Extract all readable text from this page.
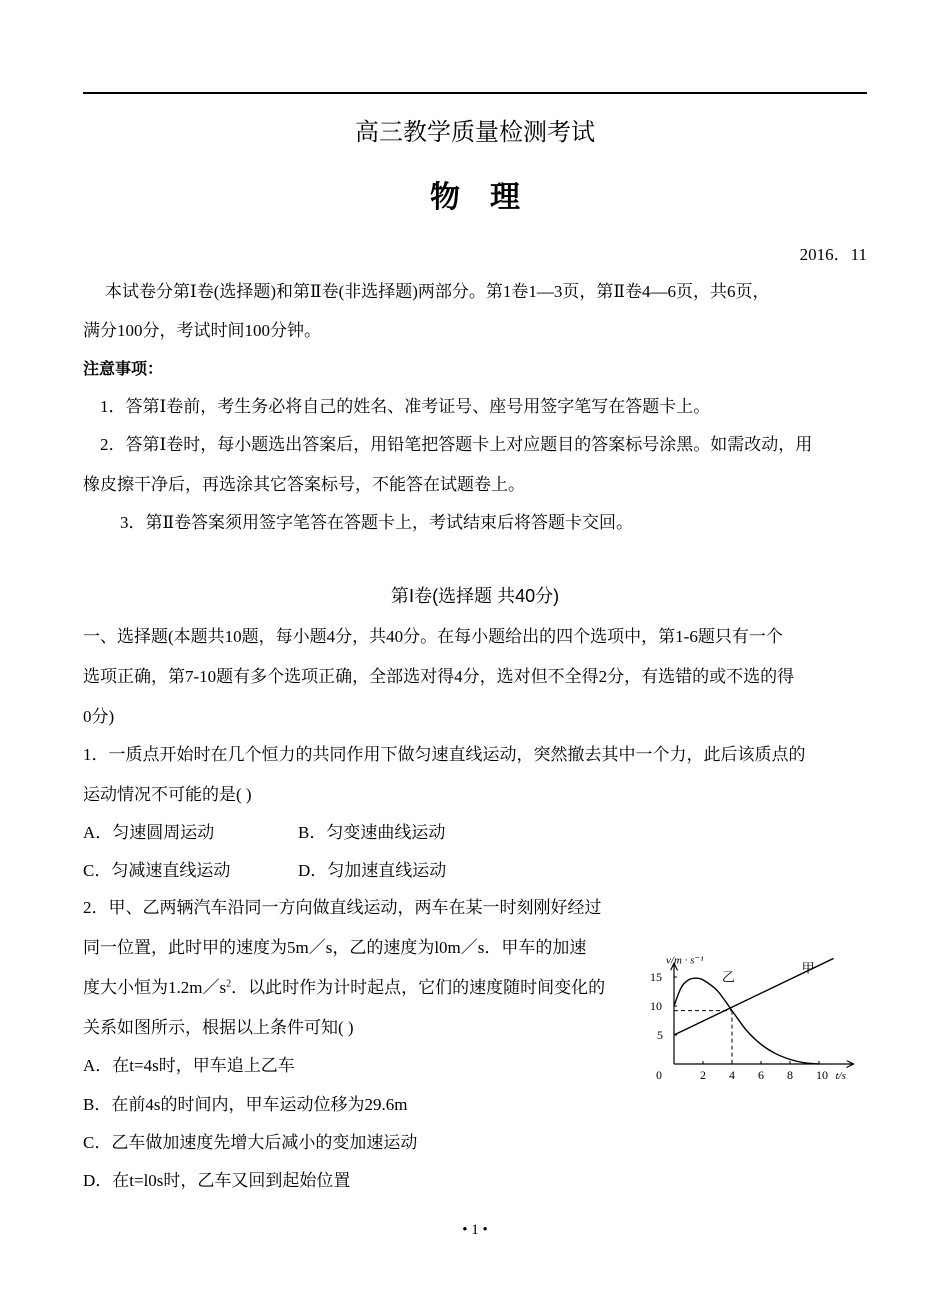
高三教学质量检测考试
物理
2016．11
本试卷分第Ⅰ卷(选择题)和第Ⅱ卷(非选择题)两部分。第1卷1—3页，第Ⅱ卷4—6页，共6页，
满分100分，考试时间100分钟。
注意事项：
1．答第Ⅰ卷前，考生务必将自己的姓名、准考证号、座号用签字笔写在答题卡上。
2．答第Ⅰ卷时，每小题选出答案后，用铅笔把答题卡上对应题目的答案标号涂黑。如需改动，用
橡皮擦干净后，再选涂其它答案标号，不能答在试题卷上。
3．第Ⅱ卷答案须用签字笔答在答题卡上，考试结束后将答题卡交回。
第Ⅰ卷(选择题 共40分)
一、选择题(本题共10题，每小题4分，共40分。在每小题给出的四个选项中，第1-6题只有一个
选项正确，第7-10题有多个选项正确，全部选对得4分，选对但不全得2分，有选错的或不选的得
0分)
1．一质点开始时在几个恒力的共同作用下做匀速直线运动，突然撤去其中一个力，此后该质点的
运动情况不可能的是( )
A．匀速圆周运动	B．匀变速曲线运动
C．匀减速直线运动	D．匀加速直线运动
2．甲、乙两辆汽车沿同一方向做直线运动，两车在某一时刻刚好经过
同一位置，此时甲的速度为5m／s，乙的速度为l0m／s．甲车的加速
度大小恒为$1.2m/s^2$．以此时作为计时起点，它们的速度随时间变化的
关系如图所示，根据以上条件可知( )
A．在t=4s时，甲车追上乙车
B．在前4s的时间内，甲车运动位移为29.6m
C．乙车做加速度先增大后减小的变加速运动
D．在t=l0s时，乙车又回到起始位置
v/m · s⁻¹
t/s
0	2 4 6 8 10
5
10
15
甲
乙
• 1 •
